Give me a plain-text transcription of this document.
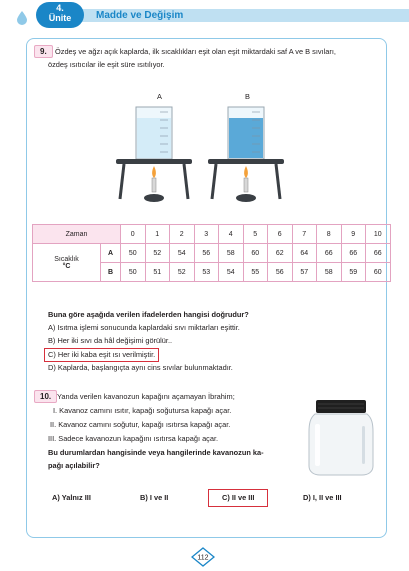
4.
Ünite	Madde ve Değişim
9.	Özdeş ve ağzı açık kaplarda, ilk sıcaklıkları eşit olan eşit miktardaki saf A ve B sıvıları,
özdeş ısıtıcılar ile eşit süre ısıtılıyor.
A	B
Zaman		0	1	2	3	4	5	6	7	8	9	10

Sıcaklık
°C	A	50	52	54	56	58	60	62	64	66	66	66
	B	50	51	52	53	54	55	56	57	58	59	60
Buna göre aşağıda verilen ifadelerden hangisi doğrudur?
A) Isıtma işlemi sonucunda kaplardaki sıvı miktarları eşittir.
B) Her iki sıvı da hâl değişimi görülür..
C) Her iki kaba eşit ısı verilmiştir.
D) Kaplarda, başlangıçta aynı cins sıvılar bulunmaktadır.
10. Yanda verilen kavanozun kapağını açamayan İbrahim;
I. Kavanoz camını ısıtır, kapağı soğutursa kapağı açar.
II. Kavanoz camını soğutur, kapağı ısıtırsa kapağı açar.
III. Sadece kavanozun kapağını ısıtırsa kapağı açar.
Bu durumlardan hangisinde veya hangilerinde kavanozun ka-
pağı açılabilir?
A) Yalnız III	B) I ve II	C) II ve III	D) I, II ve III
112
